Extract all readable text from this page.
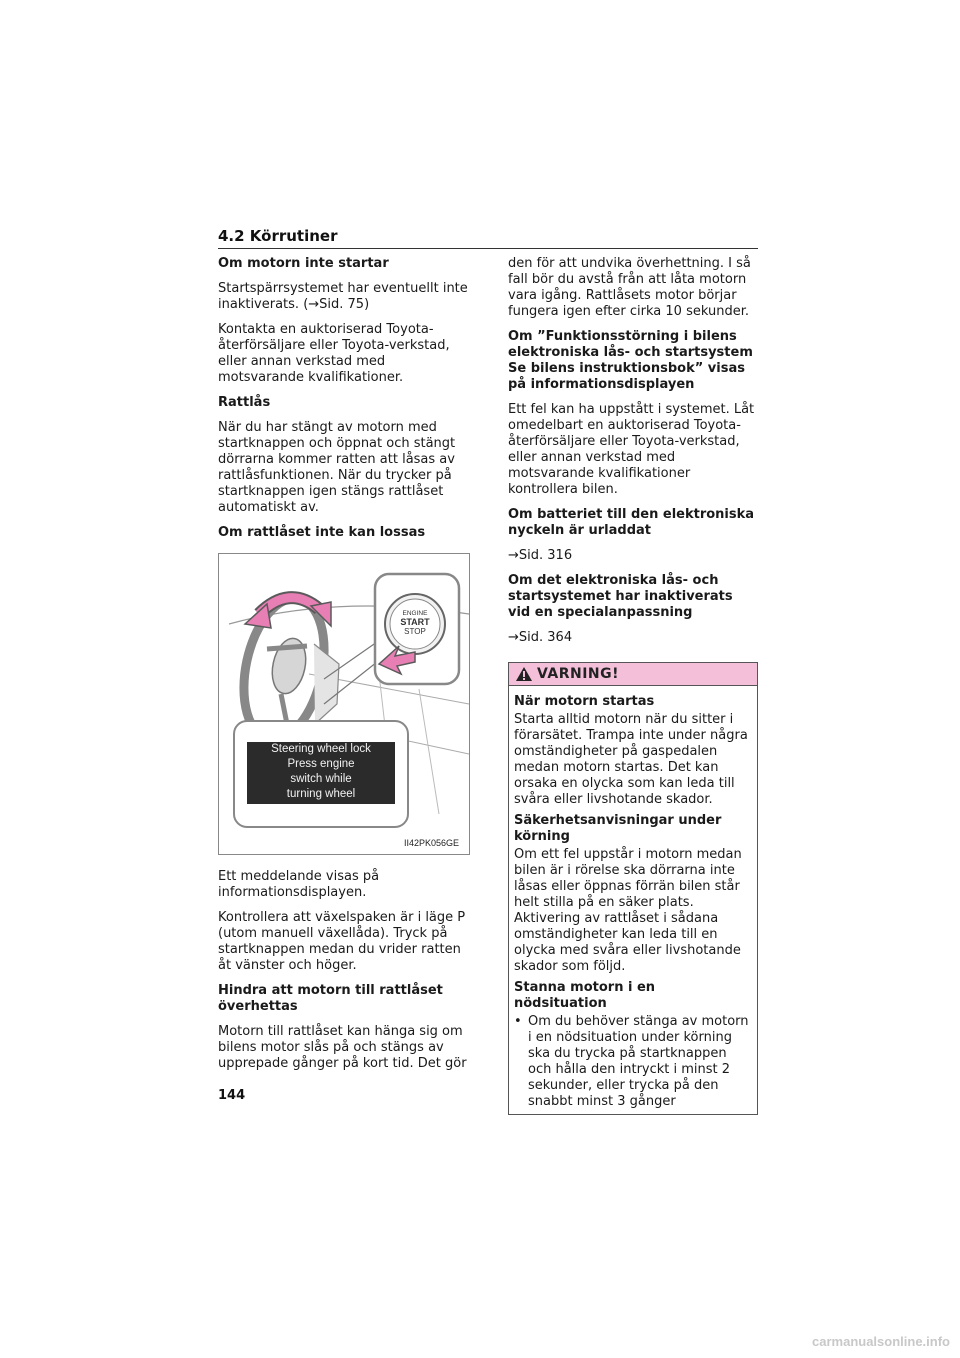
4.2 Körrutiner
Om motorn inte startar

Startspärrsystemet har eventuellt inte inaktiverats. (→Sid. 75)

Kontakta en auktoriserad Toyota-återförsäljare eller Toyota-verkstad, eller annan verkstad med motsvarande kvalifikationer.

Rattlås

När du har stängt av motorn med startknappen och öppnat och stängt dörrarna kommer ratten att låsas av rattlåsfunktionen. När du trycker på startknappen igen stängs rattlåset automatiskt av.

Om rattlåset inte kan lossas
ENGINE
START
STOP
Steering wheel lock
Press engine
switch while
turning wheel
II42PK056GE

Ett meddelande visas på informationsdisplayen.

Kontrollera att växelspaken är i läge P (utom manuell växellåda). Tryck på startknappen medan du vrider ratten åt vänster och höger.

Hindra att motorn till rattlåset överhettas

Motorn till rattlåset kan hänga sig om bilens motor slås på och stängs av upprepade gånger på kort tid. Det gör

den för att undvika överhettning. I så fall bör du avstå från att låta motorn vara igång. Rattlåsets motor börjar fungera igen efter cirka 10 sekunder.

Om ”Funktionsstörning i bilens elektroniska lås- och startsystem Se bilens instruktionsbok” visas på informationsdisplayen

Ett fel kan ha uppstått i systemet. Låt omedelbart en auktoriserad Toyota-återförsäljare eller Toyota-verkstad, eller annan verkstad med motsvarande kvalifikationer kontrollera bilen.

Om batteriet till den elektroniska nyckeln är urladdat

→Sid. 316

Om det elektroniska lås- och startsystemet har inaktiverats vid en specialanpassning

→Sid. 364

VARNING!
När motorn startas

Starta alltid motorn när du sitter i förarsätet. Trampa inte under några omständigheter på gaspedalen medan motorn startas. Det kan orsaka en olycka som kan leda till svåra eller livshotande skador.

Säkerhetsanvisningar under körning

Om ett fel uppstår i motorn medan bilen är i rörelse ska dörrarna inte låsas eller öppnas förrän bilen står helt stilla på en säker plats. Aktivering av rattlåset i sådana omständigheter kan leda till en olycka med svåra eller livshotande skador som följd.

Stanna motorn i en nödsituation
• Om du behöver stänga av motorn i en nödsituation under körning ska du trycka på startknappen och hålla den intryckt i minst 2 sekunder, eller trycka på den snabbt minst 3 gånger
144
carmanualsonline.info
